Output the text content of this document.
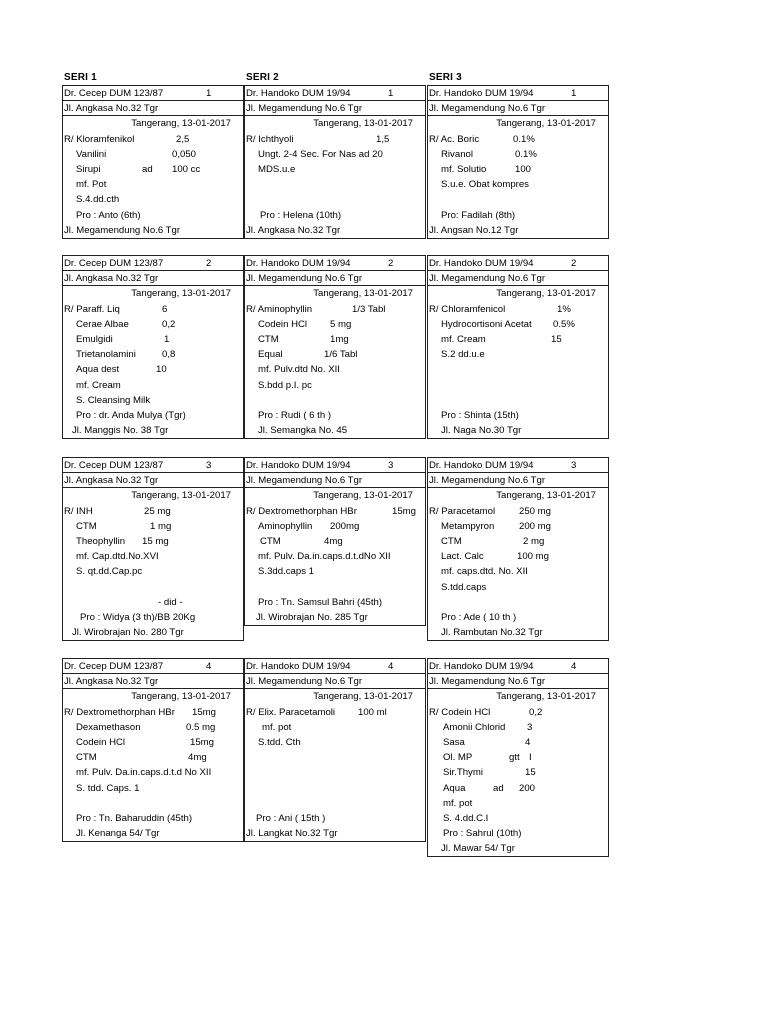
SERI 1	SERI 2	SERI 3
Dr. Cecep DUM 123/87	1
Jl. Angkasa No.32 Tgr
Tangerang, 13-01-2017
R/ Kloramfenikol	2,5
Vanilini	0,050
Sirupi	ad 100 cc
mf. Pot
S.4.dd.cth
Pro : Anto (6th)
Jl. Megamendung No.6 Tgr
Dr. Cecep DUM 123/87	2
Jl. Angkasa No.32 Tgr
Tangerang, 13-01-2017
R/ Paraff. Liq	6
Cerae Albae	0,2
Emulgidi	1
Trietanolamini	0,8
Aqua dest	10
mf. Cream
S. Cleansing Milk
Pro : dr. Anda Mulya (Tgr)
Jl. Manggis No. 38 Tgr
Dr. Cecep DUM 123/87	3
Jl. Angkasa No.32 Tgr
Tangerang, 13-01-2017
R/ INH	25 mg
CTM	1 mg
Theophyllin 15 mg
mf. Cap.dtd.No.XVI
S. qt.dd.Cap.pc
- did -
Pro : Widya (3 th)/BB 20Kg
Jl. Wirobrajan No. 280 Tgr
Dr. Cecep DUM 123/87	4
Jl. Angkasa No.32 Tgr
Tangerang, 13-01-2017
R/ Dextromethorphan HBr 15mg
Dexamethason	0.5 mg
Codein HCl	15mg
CTM	4mg
mf. Pulv. Da.in.caps.d.t.d No XII
S. tdd. Caps. 1
Pro : Tn. Baharuddin (45th)
Jl. Kenanga 54/ Tgr
Dr. Handoko DUM 19/94	1
Jl. Megamendung No.6 Tgr
Tangerang, 13-01-2017
R/ Ichthyoli	1,5
Ungt. 2-4 Sec. For Nas ad 20
MDS.u.e
Pro : Helena (10th)
Jl. Angkasa No.32 Tgr
Dr. Handoko DUM 19/94	2
Jl. Megamendung No.6 Tgr
Tangerang, 13-01-2017
R/ Aminophyllin	1/3 Tabl
Codein HCl 5 mg
CTM	1mg
Equal	1/6 Tabl
mf. Pulv.dtd No. XII
S.bdd p.I. pc
Pro : Rudi ( 6 th )
Jl. Semangka No. 45
Dr. Handoko DUM 19/94	3
Jl. Megamendung No.6 Tgr
Tangerang, 13-01-2017
R/ Dextromethorphan HBr	15mg
Aminophyllin 200mg
CTM	4mg
mf. Pulv. Da.in.caps.d.t.dNo XII
S.3dd.caps 1
Pro : Tn. Samsul Bahri (45th)
Jl. Wirobrajan No. 285 Tgr
Dr. Handoko DUM 19/94	4
Jl. Megamendung No.6 Tgr
Tangerang, 13-01-2017
R/ Elix. Paracetamoli 100 ml
mf. pot
S.tdd. Cth
Pro : Ani ( 15th )
Jl. Langkat No.32 Tgr
Dr. Handoko DUM 19/94	1
Jl. Megamendung No.6 Tgr
Tangerang, 13-01-2017
R/ Ac. Boric	0.1%
Rivanol	0.1%
mf. Solutio	100
S.u.e. Obat kompres
Pro: Fadilah (8th)
Jl. Angsan No.12 Tgr
Dr. Handoko DUM 19/94	2
Jl. Megamendung No.6 Tgr
Tangerang, 13-01-2017
R/ Chloramfenicol	1%
Hydrocortisoni Acetat 0.5%
mf. Cream	15
S.2 dd.u.e
Pro : Shinta (15th)
Jl. Naga No.30 Tgr
Dr. Handoko DUM 19/94	3
Jl. Megamendung No.6 Tgr
Tangerang, 13-01-2017
R/ Paracetamol 250 mg
Metampyron	200 mg
CTM	2 mg
Lact. Calc	100 mg
mf. caps.dtd. No. XII
S.tdd.caps
Pro : Ade ( 10 th )
Jl. Rambutan No.32 Tgr
Dr. Handoko DUM 19/94	4
Jl. Megamendung No.6 Tgr
Tangerang, 13-01-2017
R/ Codein HCl	0,2
Amonii Chlorid 3
Sasa	4
Ol. MP	gtt I
Sir.Thymi	15
Aqua	ad 200
mf. pot
S. 4.dd.C.I
Pro : Sahrul (10th)
Jl. Mawar 54/ Tgr
